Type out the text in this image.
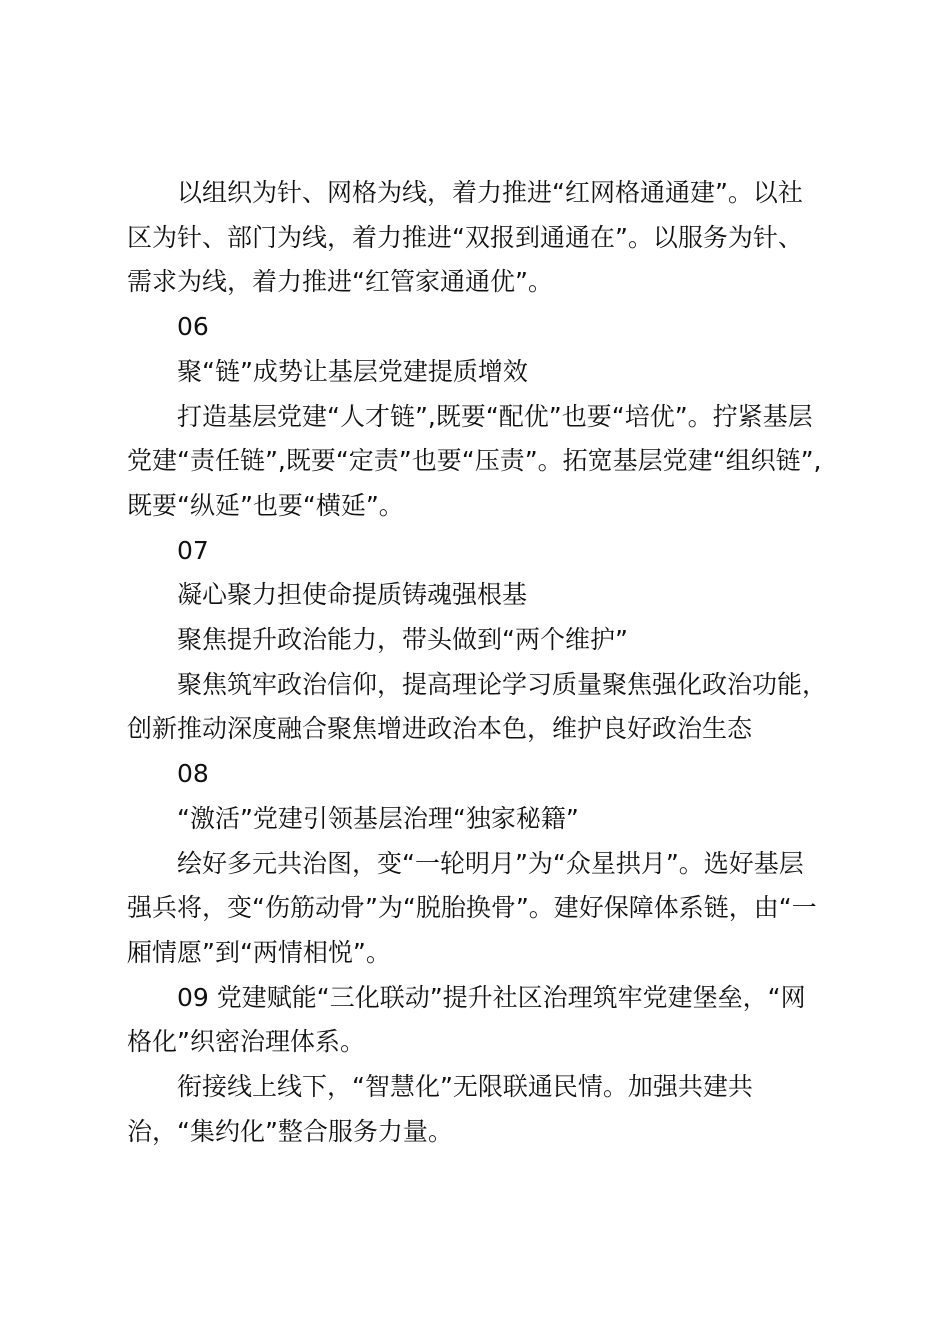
以组织为针、网格为线，着力推进“红网格通通建”。以社区为针、部门为线，着力推进“双报到通通在”。以服务为针、需求为线，着力推进“红管家通通优”。

06

聚“链”成势让基层党建提质增效

打造基层党建“人才链”,既要“配优”也要“培优”。拧紧基层党建“责任链”,既要“定责”也要“压责”。拓宽基层党建“组织链”,既要“纵延”也要“横延”。

07

凝心聚力担使命提质铸魂强根基

聚焦提升政治能力，带头做到“两个维护”

聚焦筑牢政治信仰，提高理论学习质量聚焦强化政治功能，创新推动深度融合聚焦增进政治本色，维护良好政治生态

08

“激活”党建引领基层治理“独家秘籍”

绘好多元共治图，变“一轮明月”为“众星拱月”。选好基层强兵将，变“伤筋动骨”为“脱胎换骨”。建好保障体系链，由“一厢情愿”到“两情相悦”。

09 党建赋能“三化联动”提升社区治理筑牢党建堡垒，“网格化”织密治理体系。

衔接线上线下，“智慧化”无限联通民情。加强共建共治，“集约化”整合服务力量。
